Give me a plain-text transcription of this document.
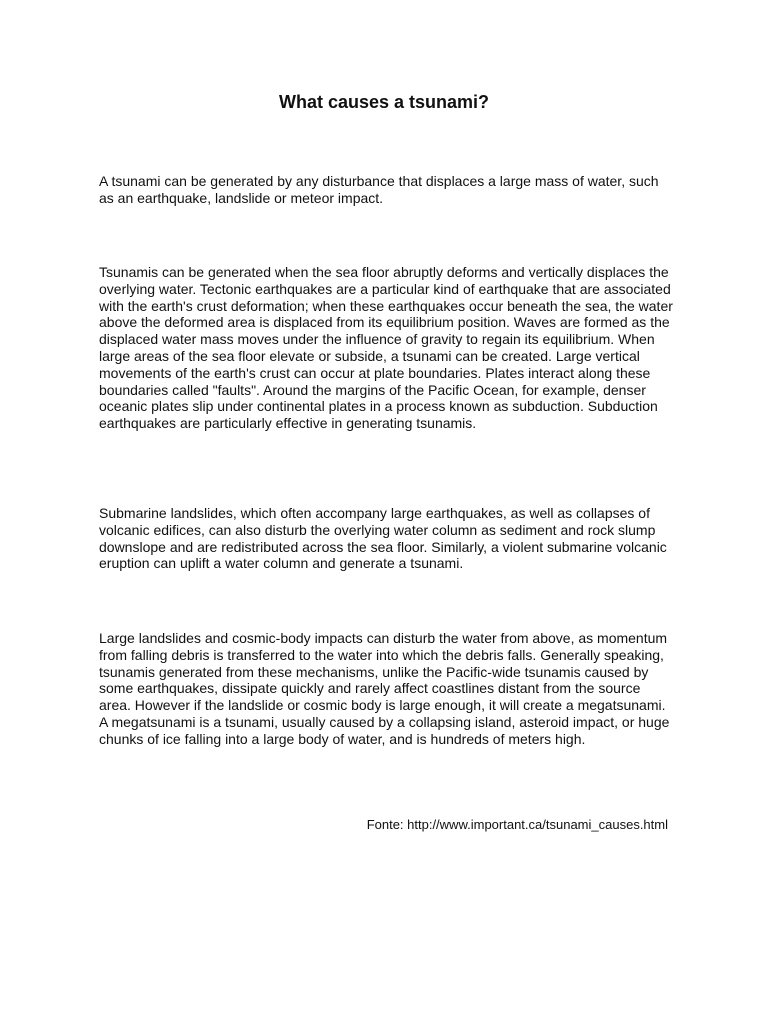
What causes a tsunami?
A tsunami can be generated by any disturbance that displaces a large mass of water, such as an earthquake, landslide or meteor impact.
Tsunamis can be generated when the sea floor abruptly deforms and vertically displaces the overlying water. Tectonic earthquakes are a particular kind of earthquake that are associated with the earth's crust deformation; when these earthquakes occur beneath the sea, the water above the deformed area is displaced from its equilibrium position. Waves are formed as the displaced water mass moves under the influence of gravity to regain its equilibrium. When large areas of the sea floor elevate or subside, a tsunami can be created. Large vertical movements of the earth's crust can occur at plate boundaries. Plates interact along these boundaries called "faults". Around the margins of the Pacific Ocean, for example, denser oceanic plates slip under continental plates in a process known as subduction. Subduction earthquakes are particularly effective in generating tsunamis.
Submarine landslides, which often accompany large earthquakes, as well as collapses of volcanic edifices, can also disturb the overlying water column as sediment and rock slump downslope and are redistributed across the sea floor. Similarly, a violent submarine volcanic eruption can uplift a water column and generate a tsunami.
Large landslides and cosmic-body impacts can disturb the water from above, as momentum from falling debris is transferred to the water into which the debris falls. Generally speaking, tsunamis generated from these mechanisms, unlike the Pacific-wide tsunamis caused by some earthquakes, dissipate quickly and rarely affect coastlines distant from the source area. However if the landslide or cosmic body is large enough, it will create a megatsunami. A megatsunami is a tsunami, usually caused by a collapsing island, asteroid impact, or huge chunks of ice falling into a large body of water, and is hundreds of meters high.
Fonte: http://www.important.ca/tsunami_causes.html
